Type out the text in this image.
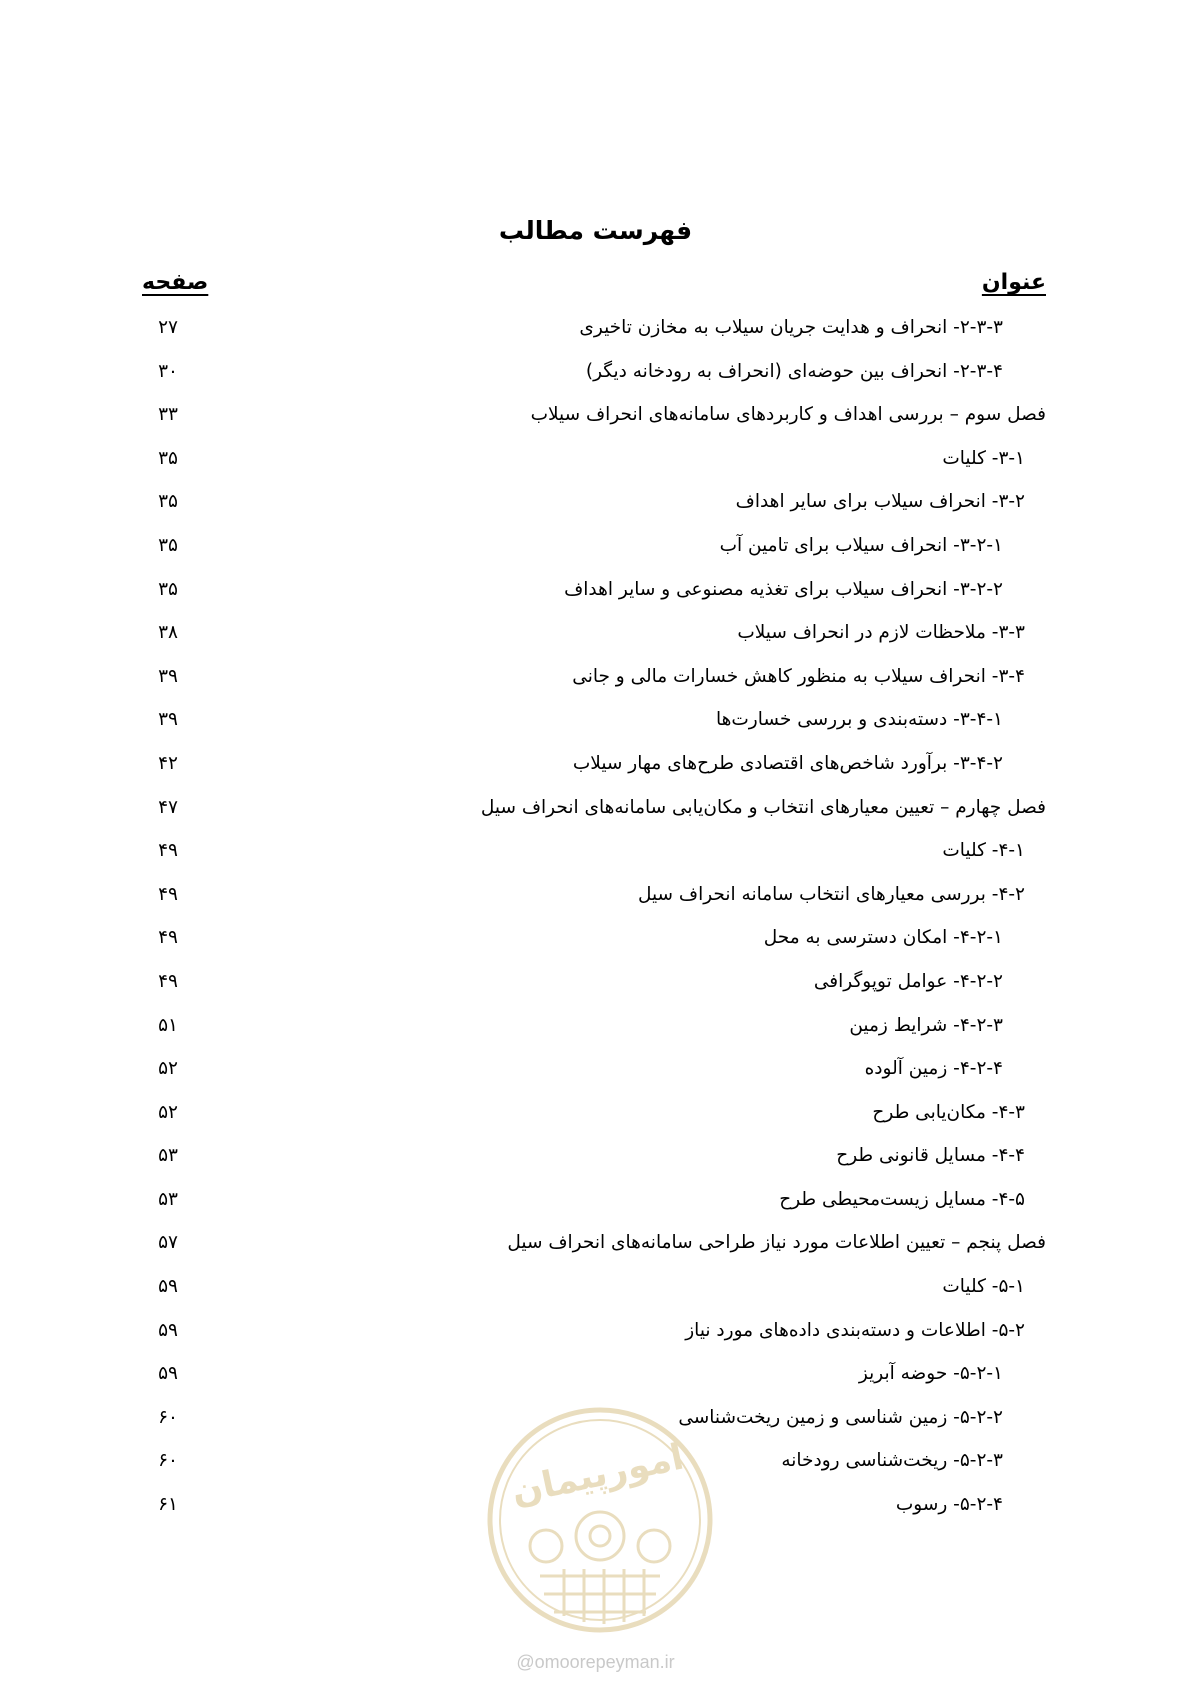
فهرست مطالب
عنوان
صفحه
۲-۳-۳- انحراف و هدایت جریان سیلاب به مخازن تاخیری
۲۷
۲-۳-۴- انحراف بین حوضه‌ای (انحراف به رودخانه دیگر)
۳۰
فصل سوم – بررسی اهداف و کاربردهای سامانه‌های انحراف سیلاب
۳۳
۳-۱- کلیات
۳۵
۳-۲- انحراف سیلاب برای سایر اهداف
۳۵
۳-۲-۱- انحراف سیلاب برای تامین آب
۳۵
۳-۲-۲- انحراف سیلاب برای تغذیه مصنوعی و سایر اهداف
۳۵
۳-۳- ملاحظات لازم در انحراف سیلاب
۳۸
۳-۴- انحراف سیلاب به منظور کاهش خسارات مالی و جانی
۳۹
۳-۴-۱- دسته‌بندی و بررسی خسارت‌ها
۳۹
۳-۴-۲- برآورد شاخص‌های اقتصادی طرح‌های مهار سیلاب
۴۲
فصل چهارم – تعیین معیارهای انتخاب و مکان‌یابی سامانه‌های انحراف سیل
۴۷
۴-۱- کلیات
۴۹
۴-۲- بررسی معیارهای انتخاب سامانه انحراف سیل
۴۹
۴-۲-۱- امکان دسترسی به محل
۴۹
۴-۲-۲- عوامل توپوگرافی
۴۹
۴-۲-۳- شرایط زمین
۵۱
۴-۲-۴- زمین آلوده
۵۲
۴-۳- مکان‌یابی طرح
۵۲
۴-۴- مسایل قانونی طرح
۵۳
۴-۵- مسایل زیست‌محیطی طرح
۵۳
فصل پنجم – تعیین اطلاعات مورد نیاز طراحی سامانه‌های انحراف سیل
۵۷
۵-۱- کلیات
۵۹
۵-۲- اطلاعات و دسته‌بندی داده‌های مورد نیاز
۵۹
۵-۲-۱- حوضه آبریز
۵۹
۵-۲-۲- زمین شناسی و زمین ریخت‌شناسی
۶۰
۵-۲-۳- ریخت‌شناسی رودخانه
۶۰
۵-۲-۴- رسوب
۶۱	امورپیمان
@omoorepeyman.ir
